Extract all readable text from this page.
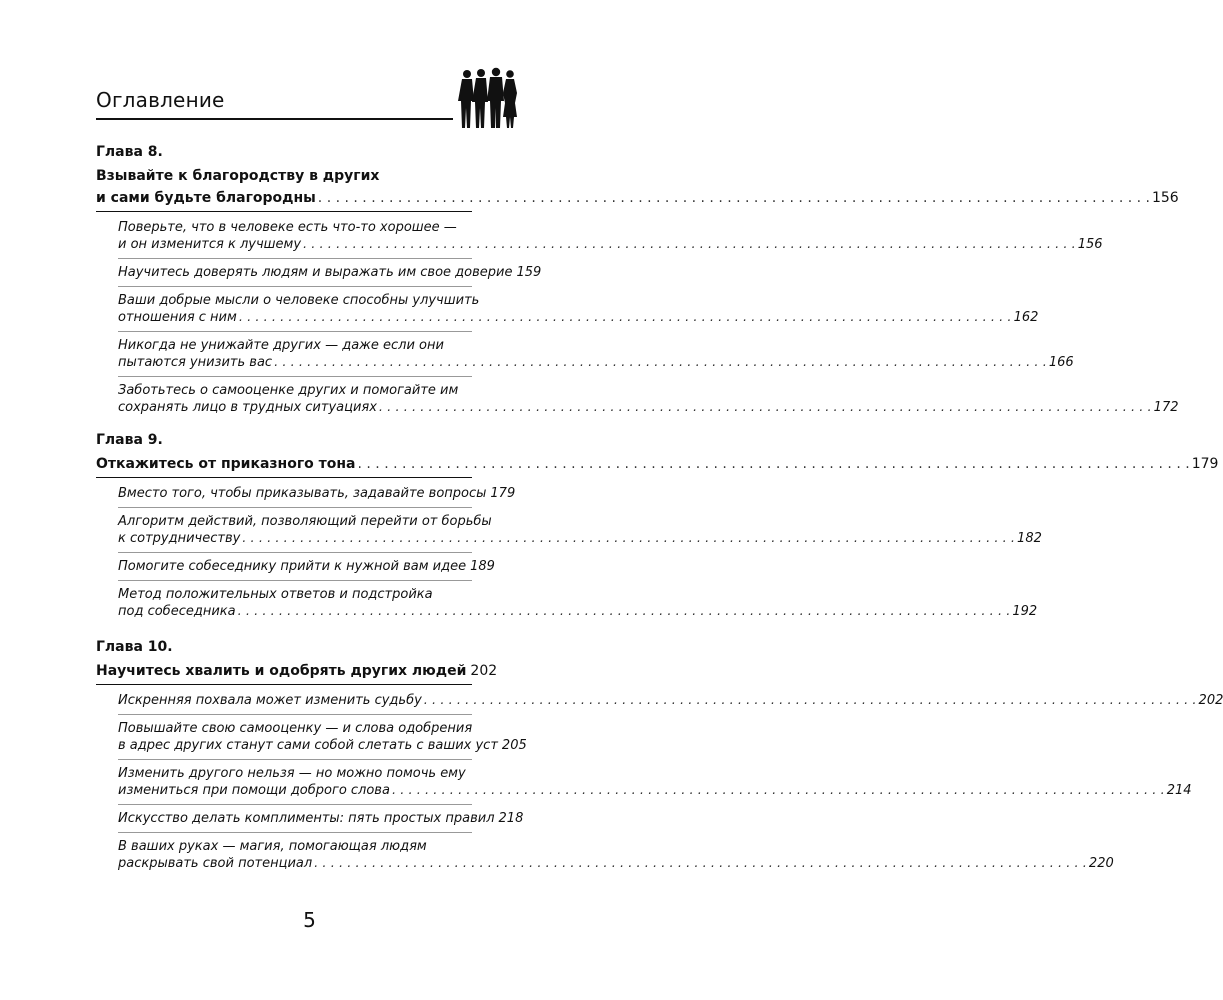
Оглавление
Глава 8.
Взывайте к благородству в других
и сами будьте благородны . . .	156
Поверьте, что в человеке есть что-то хорошее —
и он изменится к лучшему . . .	156
Научитесь доверять людям и выражать им свое доверие 159
Ваши добрые мысли о человеке способны улучшить
отношения с ним . . .	162
Никогда не унижайте других — даже если они
пытаются унизить вас . . .	166
Заботьтесь о самооценке других и помогайте им
сохранять лицо в трудных ситуациях . . .	172
Глава 9.
Откажитесь от приказного тона . . .	179
Вместо того, чтобы приказывать, задавайте вопросы 179
Алгоритм действий, позволяющий перейти от борьбы
к сотрудничеству . . .	182
Помогите собеседнику прийти к нужной вам идее 189
Метод положительных ответов и подстройка
под собеседника . . .	192
Глава 10.
Научитесь хвалить и одобрять других людей 202
Искренняя похвала может изменить судьбу . . .	202
Повышайте свою самооценку — и слова одобрения
в адрес других станут сами собой слетать с ваших уст 205
Изменить другого нельзя — но можно помочь ему
измениться при помощи доброго слова . . .	214
Искусство делать комплименты: пять простых правил 218
В ваших руках — магия, помогающая людям
раскрывать свой потенциал . . .	220
5
